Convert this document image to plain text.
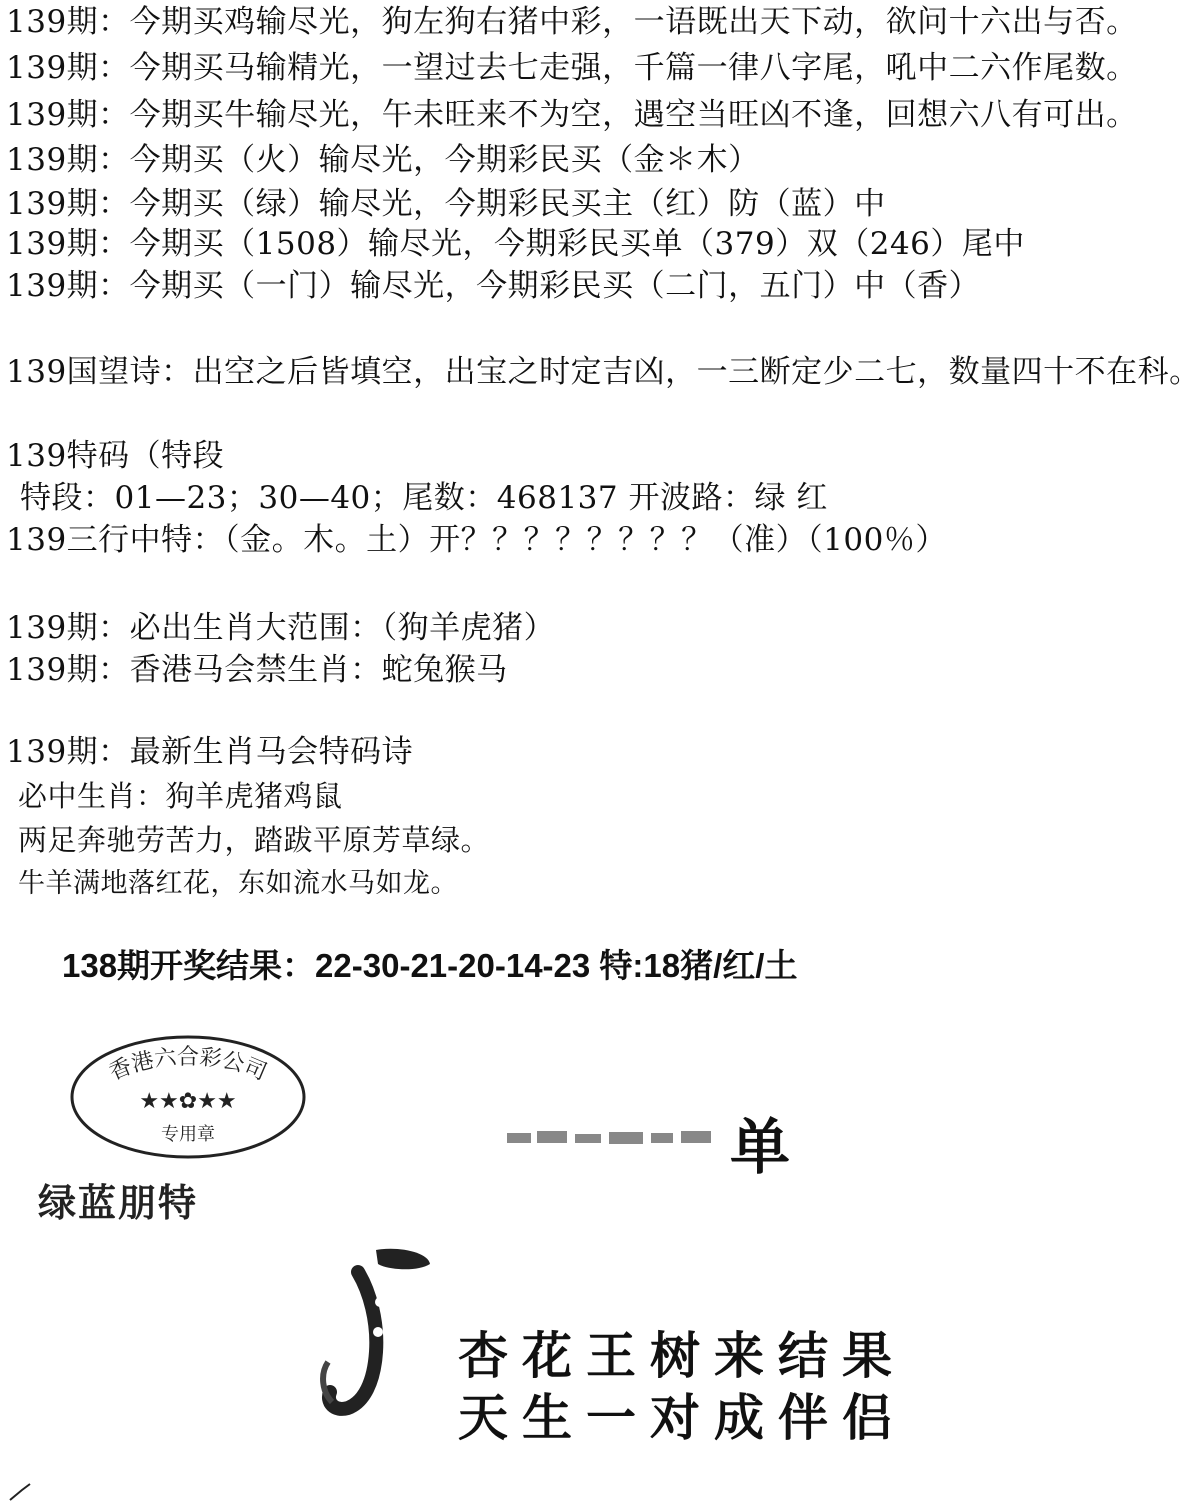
139期：今期买鸡输尽光，狗左狗右猪中彩，一语既出天下动，欲问十六出与否。
139期：今期买马输精光，一望过去七走强，千篇一律八字尾，吼中二六作尾数。
139期：今期买牛输尽光，午未旺来不为空，遇空当旺凶不逢，回想六八有可出。
139期：今期买（火）输尽光，今期彩民买（金＊木）
139期：今期买（绿）输尽光，今期彩民买主（红）防（蓝）中
139期：今期买（1508）输尽光，今期彩民买单（379）双（246）尾中
139期：今期买（一门）输尽光，今期彩民买（二门，五门）中（香）
139国望诗：出空之后皆填空，出宝之时定吉凶，一三断定少二七，数量四十不在科。
139特码（特段
特段：01—23；30—40；尾数：468137 开波路：绿 红
139三行中特：（金。木。土）开？？？？？？？？（准）（100％）
139期：必出生肖大范围：（狗羊虎猪）
139期：香港马会禁生肖：蛇兔猴马
139期：最新生肖马会特码诗
必中生肖：狗羊虎猪鸡鼠
两足奔驰劳苦力，踏跋平原芳草绿。
牛羊满地落红花，东如流水马如龙。
138期开奖结果：22-30-21-20-14-23 特:18猪/红/土
香港六合彩公司
★★✿★★
专用章
绿蓝朋特
单
杏花王树来结果
天生一对成伴侣
